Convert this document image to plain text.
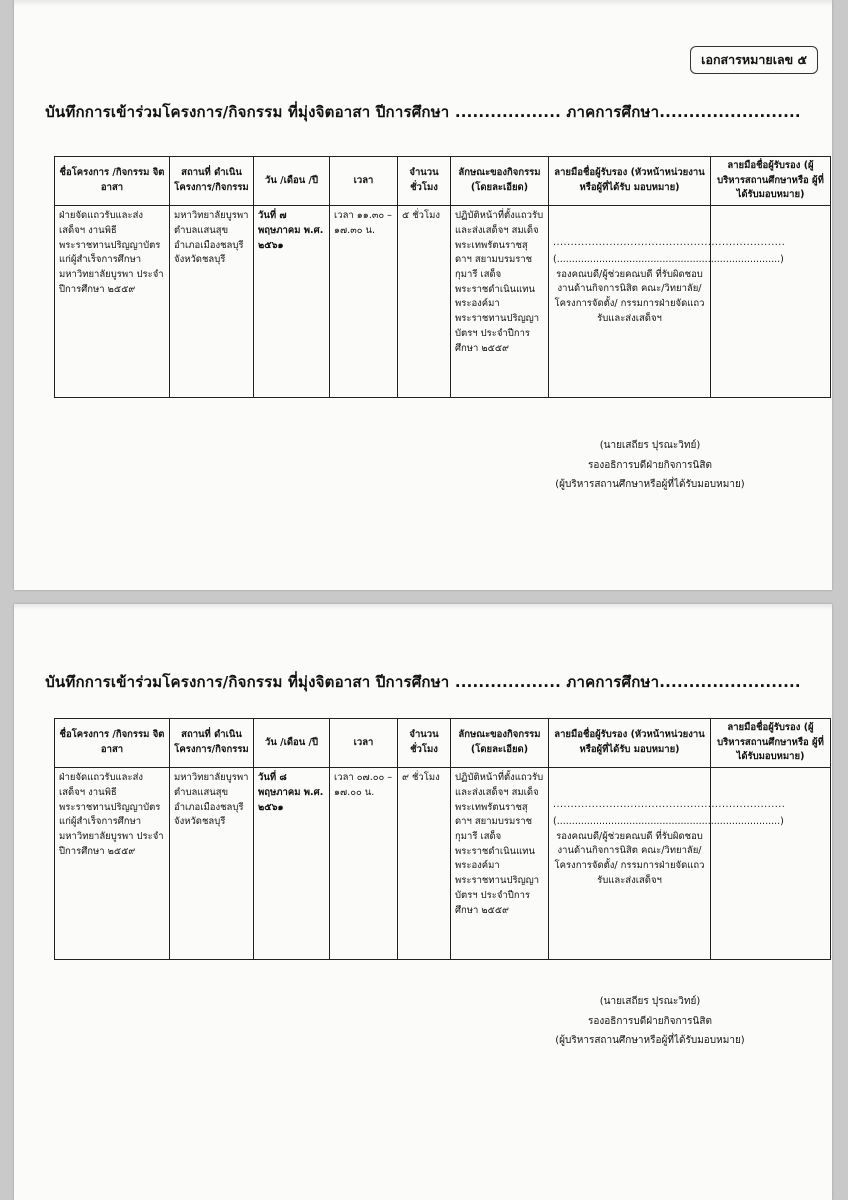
เอกสารหมายเลข ๕
บันทึกการเข้าร่วมโครงการ/กิจกรรม ที่มุ่งจิตอาสา ปีการศึกษา .................. ภาคการศึกษา........................
ชื่อโครงการ /กิจกรรม จิตอาสา	สถานที่ ดำเนิน โครงการ/กิจกรรม	วัน /เดือน /ปี	เวลา	จำนวน ชั่วโมง	ลักษณะของกิจกรรม (โดยละเอียด)	ลายมือชื่อผู้รับรอง (หัวหน้าหน่วยงานหรือผู้ที่ได้รับ มอบหมาย)	ลายมือชื่อผู้รับรอง (ผู้บริหารสถานศึกษาหรือ ผู้ที่ได้รับมอบหมาย)
ฝ่ายจัดแถวรับและส่งเสด็จฯ งานพิธีพระราชทานปริญญาบัตรแก่ผู้สำเร็จการศึกษา มหาวิทยาลัยบูรพา ประจำปีการศึกษา ๒๕๕๙	มหาวิทยาลัยบูรพา ตำบลแสนสุข อำเภอเมืองชลบุรี จังหวัดชลบุรี	วันที่ ๗ พฤษภาคม พ.ศ. ๒๕๖๑	เวลา ๑๑.๓๐ – ๑๗.๓๐ น.	๕ ชั่วโมง	ปฏิบัติหน้าที่ตั้งแถวรับและส่งเสด็จฯ สมเด็จพระเทพรัตนราชสุดาฯ สยามบรมราชกุมารี เสด็จพระราชดำเนินแทนพระองค์มาพระราชทานปริญญาบัตรฯ ประจำปีการศึกษา ๒๕๕๙	..................................................................
(..........................................................................)
รองคณบดี/ผู้ช่วยคณบดี ที่รับผิดชอบงานด้านกิจการนิสิต คณะ/วิทยาลัย/โครงการจัดตั้ง/ กรรมการฝ่ายจัดแถวรับและส่งเสด็จฯ	
(นายเสถียร ปุรณะวิทย์)
รองอธิการบดีฝ่ายกิจการนิสิต
(ผู้บริหารสถานศึกษาหรือผู้ที่ได้รับมอบหมาย)
บันทึกการเข้าร่วมโครงการ/กิจกรรม ที่มุ่งจิตอาสา ปีการศึกษา .................. ภาคการศึกษา........................
ชื่อโครงการ /กิจกรรม จิตอาสา	สถานที่ ดำเนิน โครงการ/กิจกรรม	วัน /เดือน /ปี	เวลา	จำนวน ชั่วโมง	ลักษณะของกิจกรรม (โดยละเอียด)	ลายมือชื่อผู้รับรอง (หัวหน้าหน่วยงานหรือผู้ที่ได้รับ มอบหมาย)	ลายมือชื่อผู้รับรอง (ผู้บริหารสถานศึกษาหรือ ผู้ที่ได้รับมอบหมาย)
ฝ่ายจัดแถวรับและส่งเสด็จฯ งานพิธีพระราชทานปริญญาบัตรแก่ผู้สำเร็จการศึกษา มหาวิทยาลัยบูรพา ประจำปีการศึกษา ๒๕๕๙	มหาวิทยาลัยบูรพา ตำบลแสนสุข อำเภอเมืองชลบุรี จังหวัดชลบุรี	วันที่ ๘ พฤษภาคม พ.ศ. ๒๕๖๑	เวลา ๐๗.๐๐ – ๑๗.๐๐ น.	๙ ชั่วโมง	ปฏิบัติหน้าที่ตั้งแถวรับและส่งเสด็จฯ สมเด็จพระเทพรัตนราชสุดาฯ สยามบรมราชกุมารี เสด็จพระราชดำเนินแทนพระองค์มาพระราชทานปริญญาบัตรฯ ประจำปีการศึกษา ๒๕๕๙	..................................................................
(..........................................................................)
รองคณบดี/ผู้ช่วยคณบดี ที่รับผิดชอบงานด้านกิจการนิสิต คณะ/วิทยาลัย/โครงการจัดตั้ง/ กรรมการฝ่ายจัดแถวรับและส่งเสด็จฯ	
(นายเสถียร ปุรณะวิทย์)
รองอธิการบดีฝ่ายกิจการนิสิต
(ผู้บริหารสถานศึกษาหรือผู้ที่ได้รับมอบหมาย)
